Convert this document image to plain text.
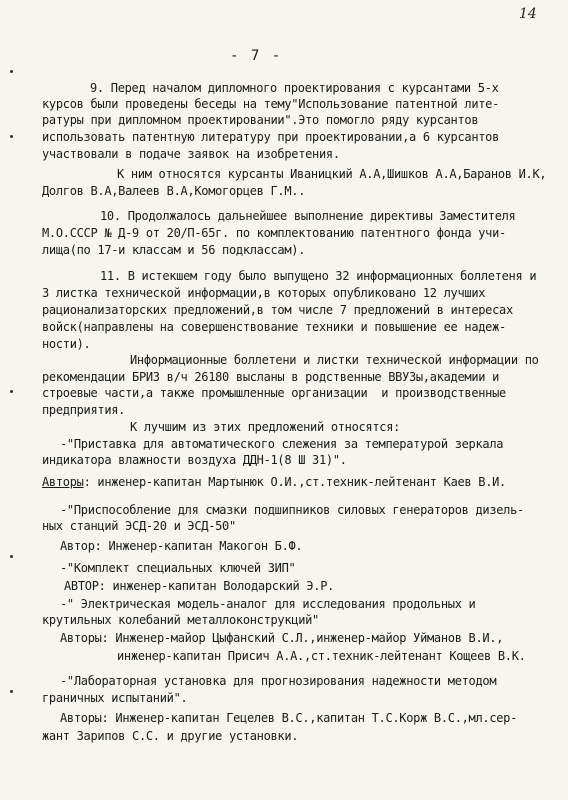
14
- 7 -
9. Перед началом дипломного проектирования с курсантами 5-х
курсов были проведены беседы на тему"Использование патентной лите-
ратуры при дипломном проектировании".Это помогло ряду курсантов
использовать патентную литературу при проектировании,а 6 курсантов
участвовали в подаче заявок на изобретения.
К ним относятся курсанты Иваницкий А.А,Шишков А.А,Баранов И.К,
Долгов В.А,Валеев В.А,Комогорцев Г.М..
10. Продолжалось дальнейшее выполнение директивы Заместителя
М.О.СССР № Д-9 от 20/П-65г. по комплектованию патентного фонда учи-
лища(по 17-и классам и 56 подклассам).
11. В истекшем году было выпущено 32 информационных боллетеня и
3 листка технической информации,в которых опубликовано 12 лучших
рационализаторских предложений,в том числе 7 предложений в интересах
войск(направлены на совершенствование техники и повышение ее надеж-
ности).
Информационные боллетени и листки технической информации по
рекомендации БРИЗ в/ч 26180 высланы в родственные ВВУЗы,академии и
строевые части,а также промышленные организации  и производственные
предприятия.
К лучшим из этих предложений относятся:
-"Приставка для автоматического слежения за температурой зеркала
индикатора влажности воздуха ДДН-1(8 Ш 31)".
Авторы: инженер-капитан Мартынюк О.И.,ст.техник-лейтенант Каев В.И.
-"Приспособление для смазки подшипников силовых генераторов дизель-
ных станций ЭСД-20 и ЭСД-50"
Автор: Инженер-капитан Макогон Б.Ф.
-"Комплект специальных ключей ЗИП"
АВТОР: инженер-капитан Володарский Э.Р.
-" Электрическая модель-аналог для исследования продольных и
крутильных колебаний металлоконструкций"
Авторы: Инженер-майор Цыфанский С.Л.,инженер-майор Уйманов В.И.,
инженер-капитан Присич А.А.,ст.техник-лейтенант Кощеев В.К.
-"Лабораторная установка для прогнозирования надежности методом
граничных испытаний".
Авторы: Инженер-капитан Гецелев В.С.,капитан Т.С.Корж В.С.,мл.сер-
жант Зарипов С.С. и другие установки.
